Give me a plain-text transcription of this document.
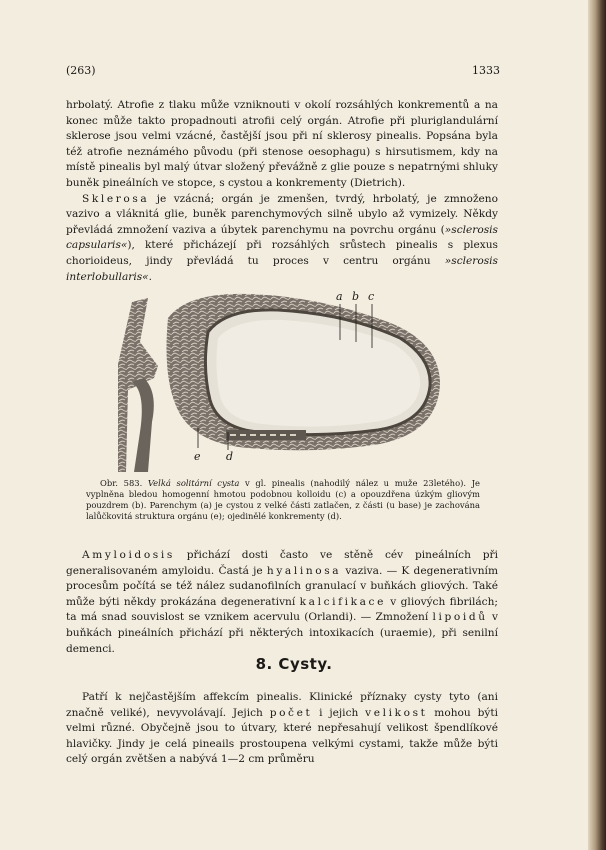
(263)	1333

hrbolatý. Atrofie z tlaku může vzniknouti v okolí rozsáhlých konkrementů a na konec může takto propadnouti atrofii celý orgán. Atrofie při pluriglandulární sklerose jsou velmi vzácné, častější jsou při ní sklerosy pinealis. Popsána byla též atrofie neznámého původu (při stenose oesophagu) s hirsutismem, kdy na místě pinealis byl malý útvar složený převážně z glie pouze s nepatrnými shluky buněk pineálních ve stopce, s cystou a konkrementy (Dietrich).

Sklerosa je vzácná; orgán je zmenšen, tvrdý, hrbolatý, je zmnoženo vazivo a vláknitá glie, buněk parenchymových silně ubylo až vymizely. Někdy převládá zmnožení vaziva a úbytek parenchymu na povrchu orgánu (»sclerosis capsularis«), které přicházejí při rozsáhlých srůstech pinealis s plexus chorioideus, jindy převládá tu proces v centru orgánu »sclerosis interlobullaris«.

a b c
e d

Obr. 583. Velká solitární cysta v gl. pinealis (nahodilý nález u muže 23letého). Je vyplněna bledou homogenní hmotou podobnou kolloidu (c) a opouzdřena úzkým gliovým pouzdrem (b). Parenchym (a) je cystou z velké části zatlačen, z části (u base) je zachována lalůčkovitá struktura orgánu (e); ojedinělé konkrementy (d).

Amyloidosis přichází dosti často ve stěně cév pineálních při generalisovaném amyloidu. Častá je hyalinosa vaziva. — K degenerativním procesům počítá se též nález sudanofilních granulací v buňkách gliových. Také může býti někdy prokázána degenerativní kalcifikace v gliových fibrilách; ta má snad souvislost se vznikem acervulu (Orlandi). — Zmnožení lipoidů v buňkách pineálních přichází při některých intoxikacích (uraemie), při senilní demenci.

8. Cysty.

Patří k nejčastějším affekcím pinealis. Klinické příznaky cysty tyto (ani značně veliké), nevyvolávají. Jejich počet i jejich velikost mohou býti velmi různé. Obyčejně jsou to útvary, které nepřesahují velikost špendlíkové hlavičky. Jindy je celá pineails prostoupena velkými cystami, takže může býti celý orgán zvětšen a nabývá 1—2 cm průměru
